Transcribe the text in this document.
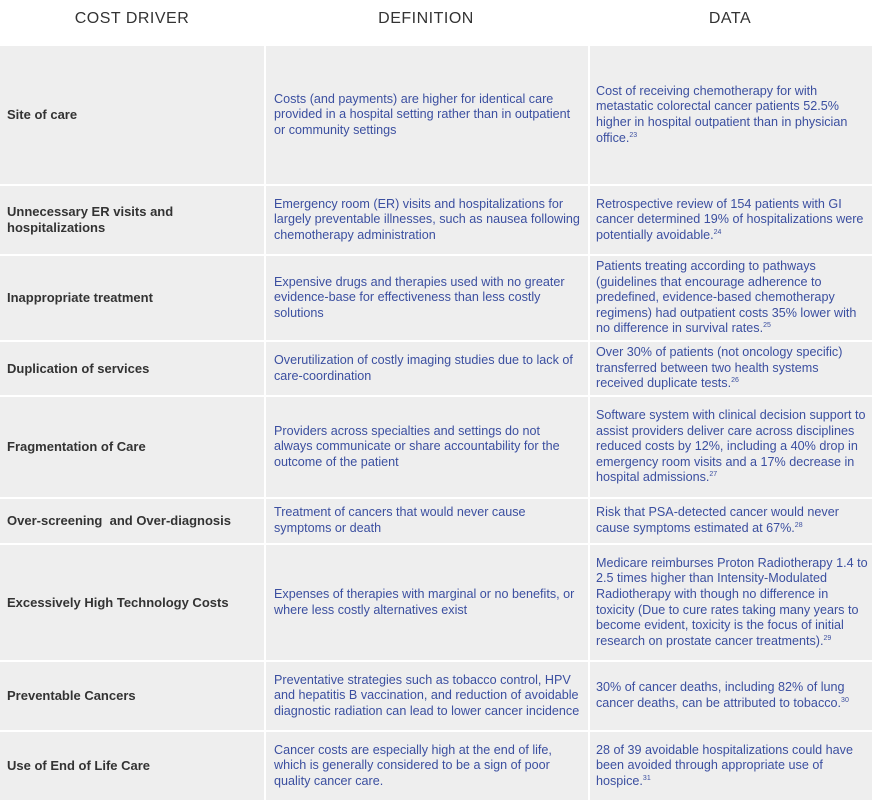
COST DRIVER	DEFINITION	DATA
Site of care
Costs (and payments) are higher for identical care provided in a hospital setting rather than in outpatient or community settings
Cost of receiving chemotherapy for with metastatic colorectal cancer patients 52.5% higher in hospital outpatient than in physician office.$^{23}$
Unnecessary ER visits and hospitalizations
Emergency room (ER) visits and hospitalizations for largely preventable illnesses, such as nausea following chemotherapy administration
Retrospective review of 154 patients with GI cancer determined 19% of hospitalizations were potentially avoidable.$^{24}$
Inappropriate treatment
Expensive drugs and therapies used with no greater evidence-base for effectiveness than less costly solutions
Patients treating according to pathways (guidelines that encourage adherence to predefined, evidence-based chemotherapy regimens) had outpatient costs 35% lower with no difference in survival rates.$^{25}$
Duplication of services
Overutilization of costly imaging studies due to lack of care-coordination
Over 30% of patients (not oncology specific) transferred between two health systems received duplicate tests.$^{26}$
Fragmentation of Care
Providers across specialties and settings do not always communicate or share accountability for the outcome of the patient
Software system with clinical decision support to assist providers deliver care across disciplines reduced costs by 12%, including a 40% drop in emergency room visits and a 17% decrease in hospital admissions.$^{27}$
Over-screening  and Over-diagnosis
Treatment of cancers that would never cause symptoms or death
Risk that PSA-detected cancer would never cause symptoms estimated at 67%.$^{28}$
Excessively High Technology Costs
Expenses of therapies with marginal or no benefits, or where less costly alternatives exist
Medicare reimburses Proton Radiotherapy 1.4 to 2.5 times higher than Intensity-Modulated Radiotherapy with though no difference in toxicity (Due to cure rates taking many years to become evident, toxicity is the focus of initial research on prostate cancer treatments).$^{29}$
Preventable Cancers
Preventative strategies such as tobacco control, HPV and hepatitis B vaccination, and reduction of avoidable diagnostic radiation can lead to lower cancer incidence
30% of cancer deaths, including 82% of lung cancer deaths, can be attributed to tobacco.$^{30}$
Use of End of Life Care
Cancer costs are especially high at the end of life, which is generally considered to be a sign of poor quality cancer care.
28 of 39 avoidable hospitalizations could have been avoided through appropriate use of hospice.$^{31}$
